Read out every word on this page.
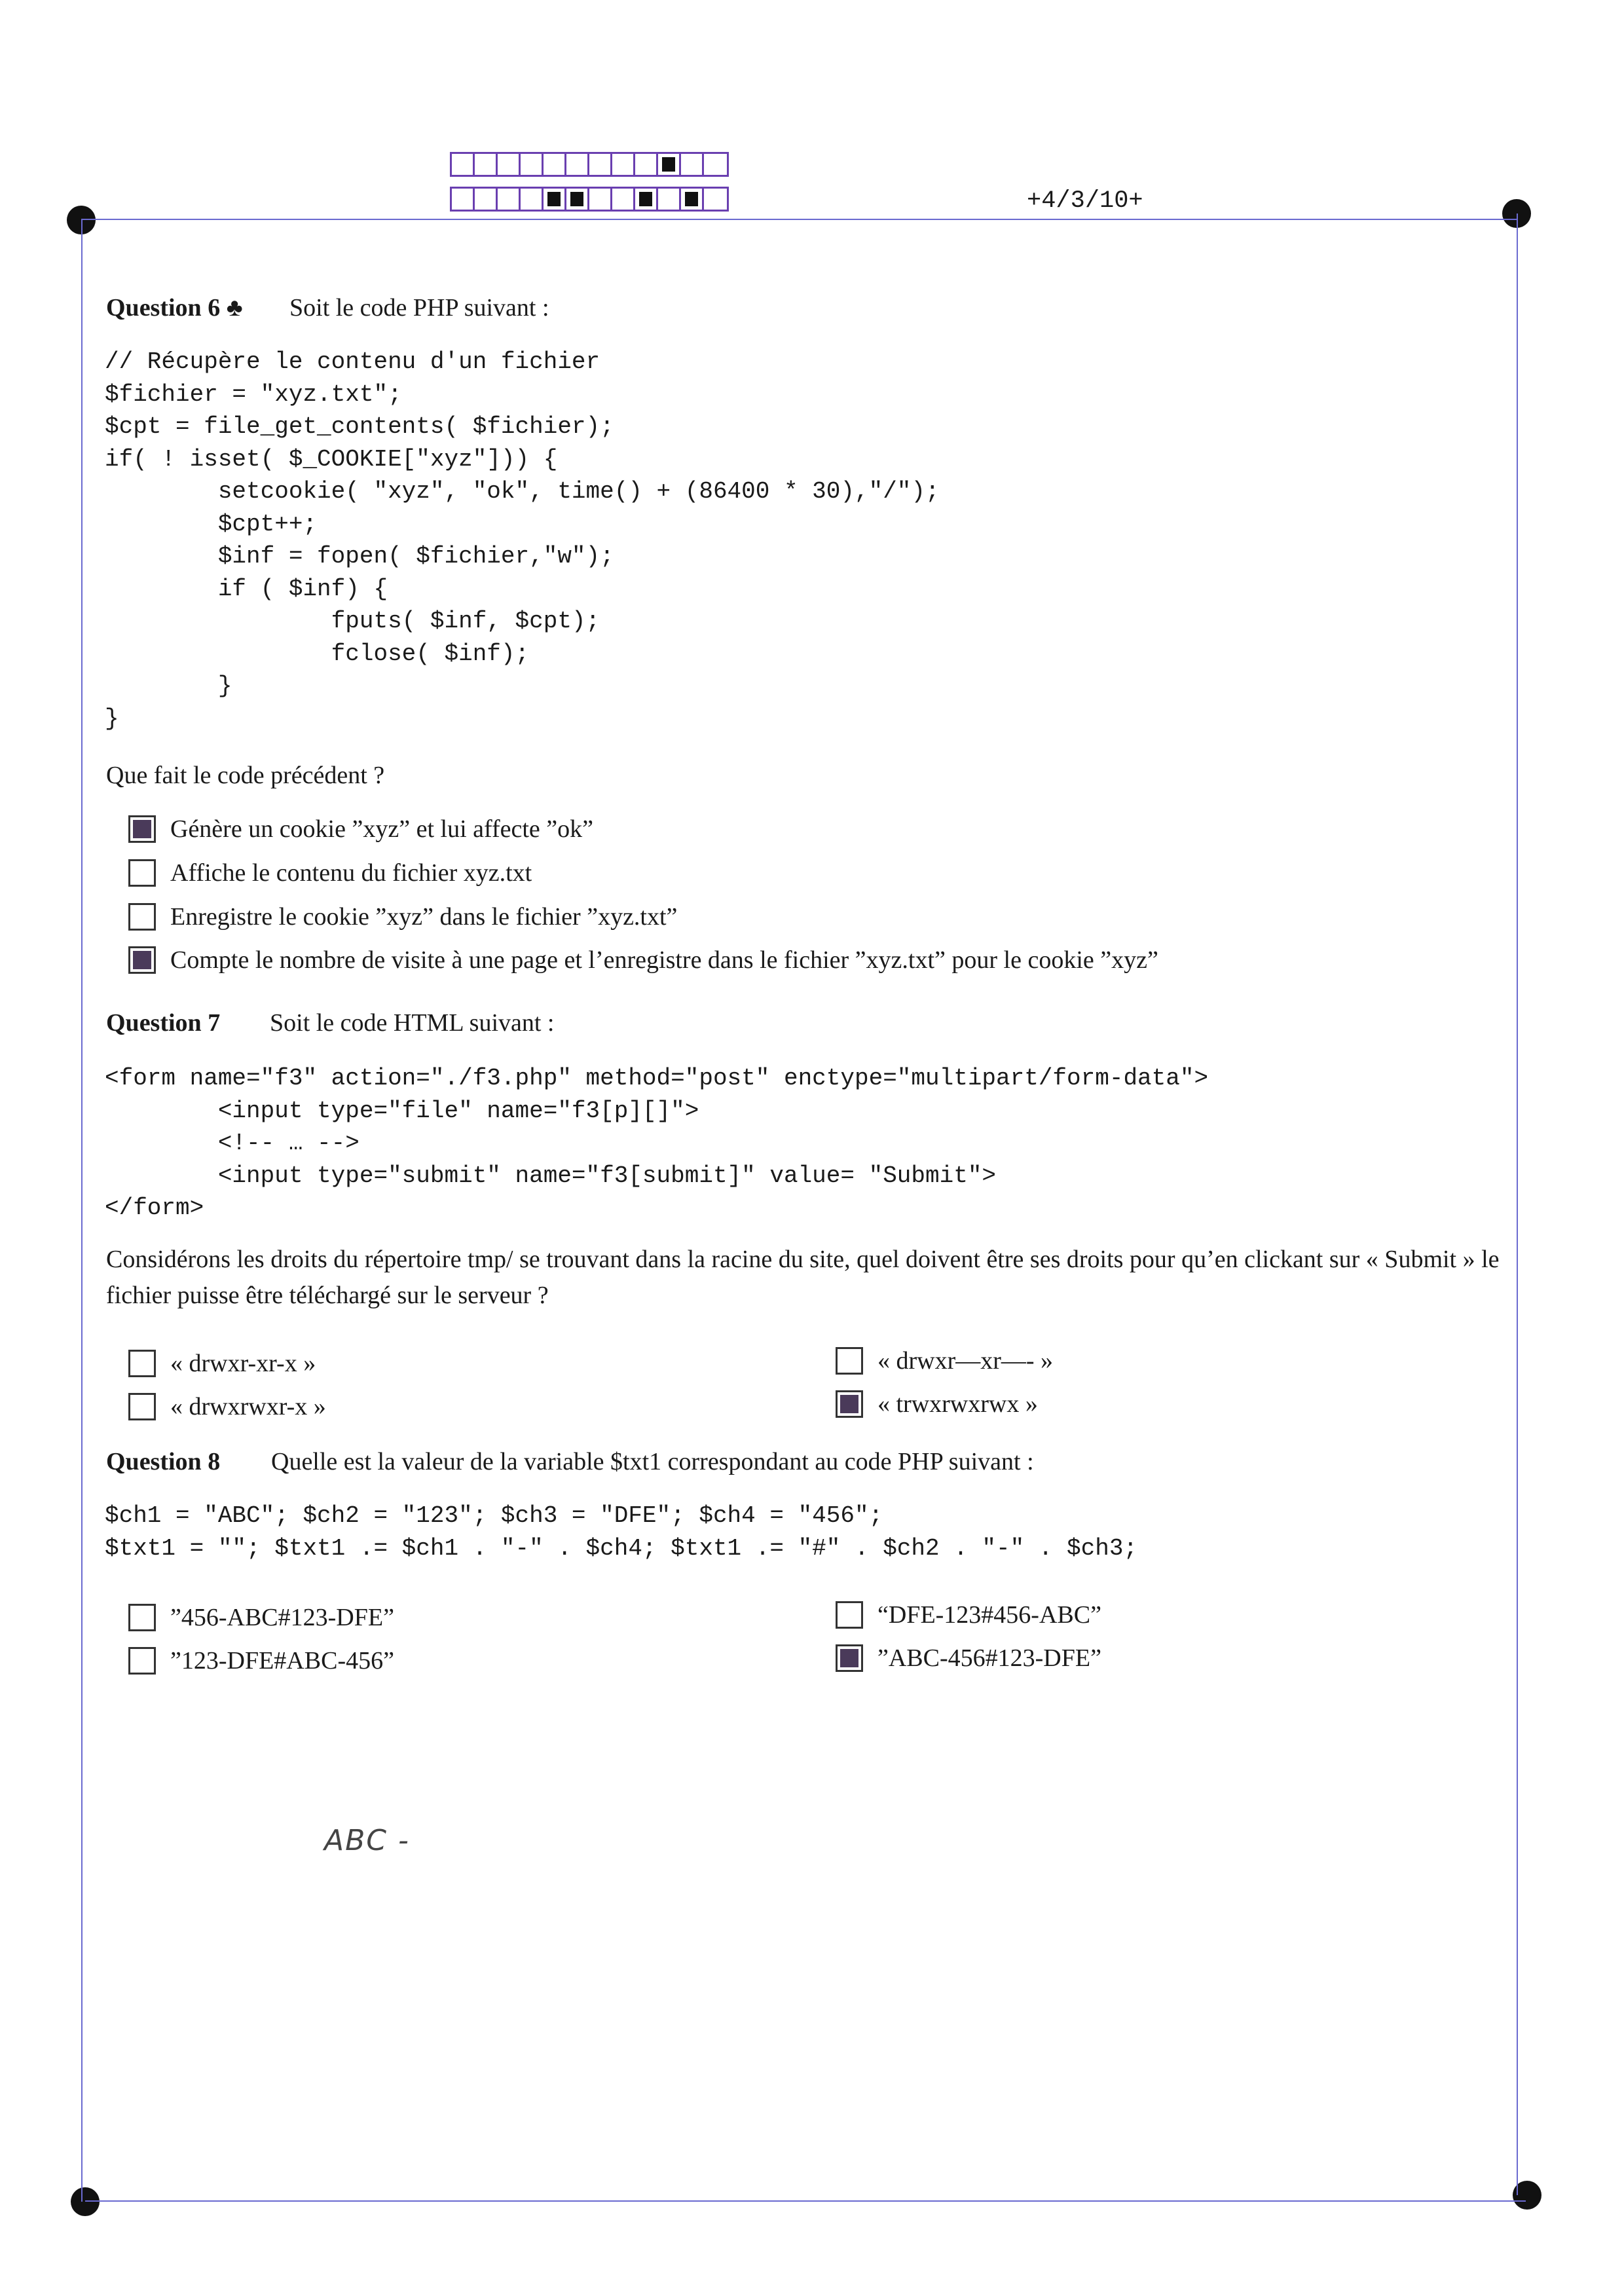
+4/3/10+
Question 6 ♣ Soit le code PHP suivant :
// Récupère le contenu d'un fichier
$fichier = "xyz.txt";
$cpt = file_get_contents( $fichier);
if( ! isset( $_COOKIE["xyz"])) {
setcookie( "xyz", "ok", time() + (86400 * 30),"/");
$cpt++;
$inf = fopen( $fichier,"w");
if ( $inf) {
fputs( $inf, $cpt);
fclose( $inf);
}
}
Que fait le code précédent ?
Génère un cookie ”xyz” et lui affecte ”ok”
Affiche le contenu du fichier xyz.txt
Enregistre le cookie ”xyz” dans le fichier ”xyz.txt”
Compte le nombre de visite à une page et l’enregistre dans le fichier ”xyz.txt” pour le cookie ”xyz”
Question 7 Soit le code HTML suivant :
<form name="f3" action="./f3.php" method="post" enctype="multipart/form-data">
<input type="file" name="f3[p][]">
<!-- … -->
<input type="submit" name="f3[submit]" value= "Submit">
</form>
Considérons les droits du répertoire tmp/ se trouvant dans la racine du site, quel doivent être ses droits pour qu’en clickant sur « Submit » le fichier puisse être téléchargé sur le serveur ?
« drwxr-xr-x »
« drwxrwxr-x »
« drwxr—xr—- »
« trwxrwxrwx »
Question 8 Quelle est la valeur de la variable $txt1 correspondant au code PHP suivant :
$ch1 = "ABC"; $ch2 = "123"; $ch3 = "DFE"; $ch4 = "456";
$txt1 = ""; $txt1 .= $ch1 . "-" . $ch4; $txt1 .= "#" . $ch2 . "-" . $ch3;
”456-ABC#123-DFE”
”123-DFE#ABC-456”
“DFE-123#456-ABC”
”ABC-456#123-DFE”
ABC -
